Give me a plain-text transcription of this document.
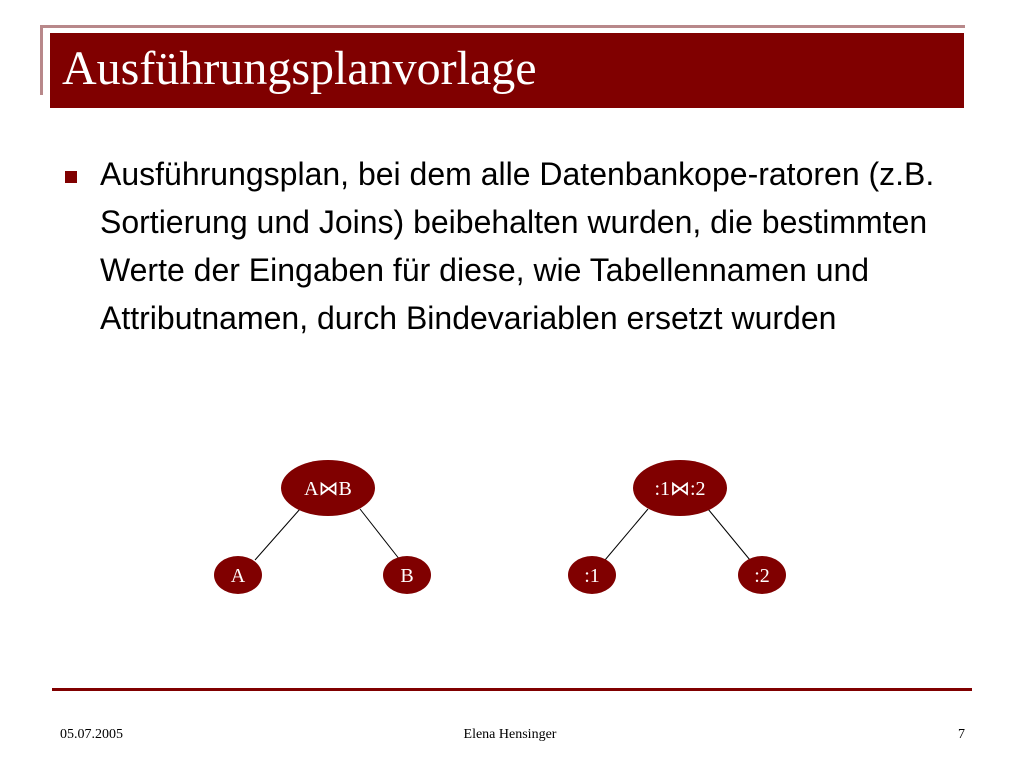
Ausführungsplanvorlage
Ausführungsplan, bei dem alle Datenbankope-ratoren (z.B. Sortierung und Joins) beibehalten wurden, die bestimmten Werte der Eingaben für diese, wie Tabellennamen und Attributnamen, durch Bindevariablen ersetzt wurden
A⋈B
A	B
:1⋈:2
:1	:2
05.07.2005	Elena Hensinger	7
